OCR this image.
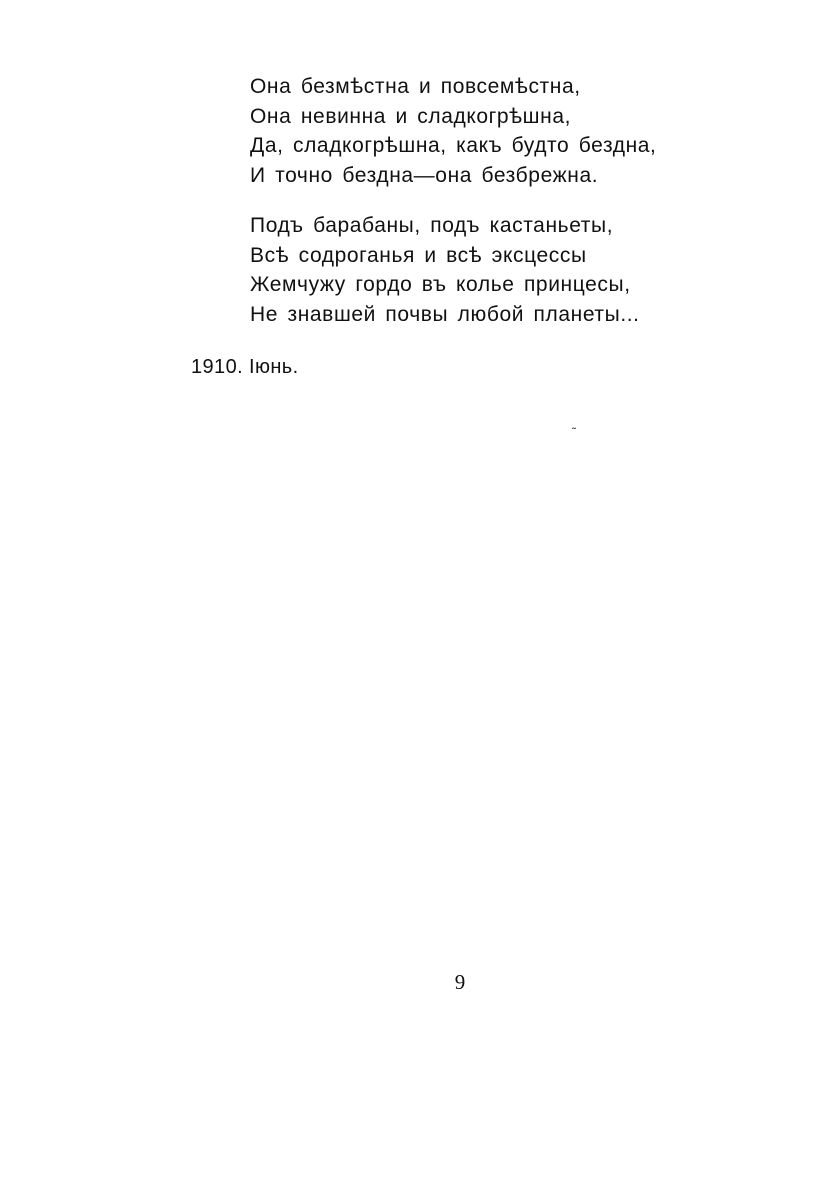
Она безмѣстна и повсемѣстна,
Она невинна и сладкогрѣшна,
Да, сладкогрѣшна, какъ будто бездна,
И точно бездна—она безбрежна.
Подъ барабаны, подъ кастаньеты,
Всѣ содроганья и всѣ эксцессы
Жемчужу гордо въ колье принцесы,
Не знавшей почвы любой планеты...
1910. Іюнь.
˜
9
